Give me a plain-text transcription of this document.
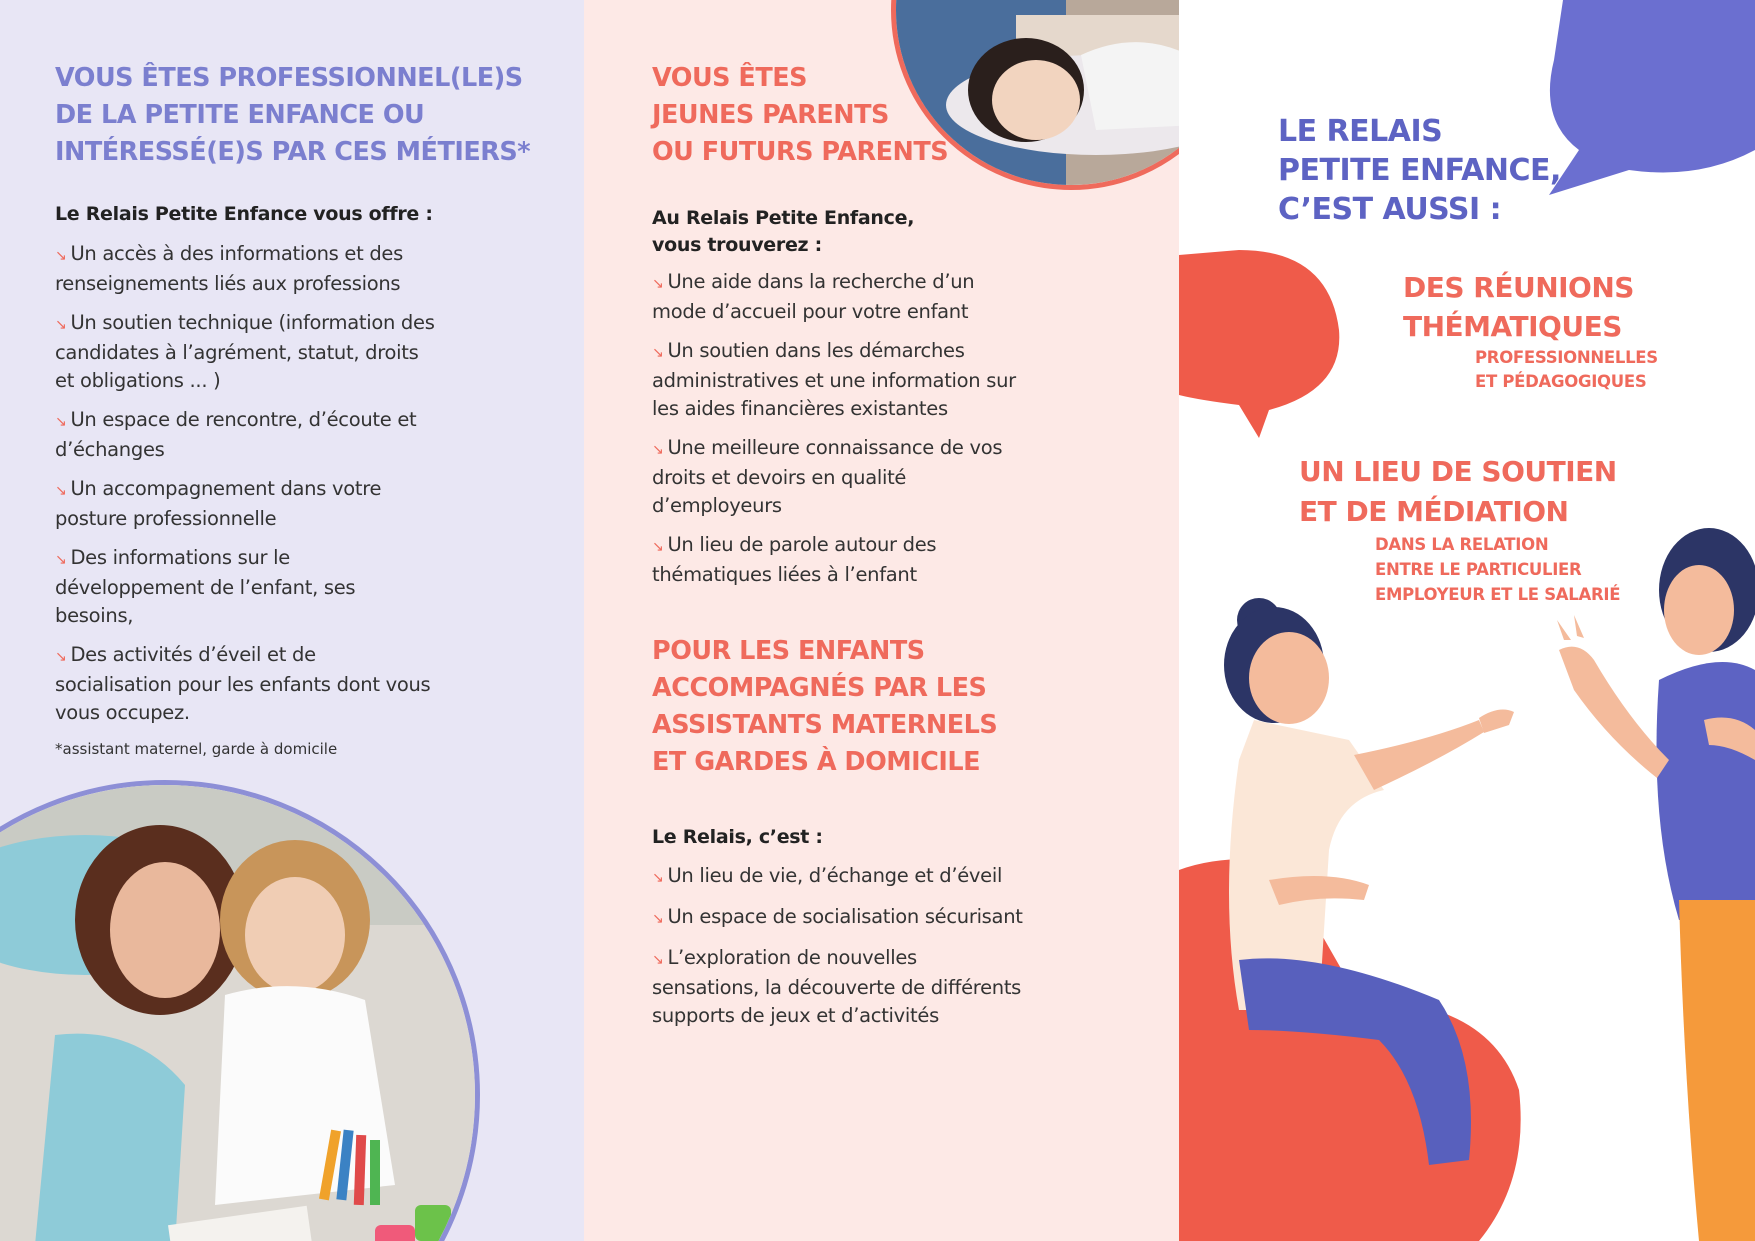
VOUS ÊTES PROFESSIONNEL(LE)S
DE LA PETITE ENFANCE OU
INTÉRESSÉ(E)S PAR CES MÉTIERS*
Le Relais Petite Enfance vous offre :
↘ Un accès à des informations et des renseignements liés aux professions
↘ Un soutien technique (information des candidates à l’agrément, statut, droits et obligations ... )
↘ Un espace de rencontre, d’écoute et d’échanges
↘ Un accompagnement dans votre posture professionnelle
↘ Des informations sur le développement de l’enfant, ses besoins,
↘ Des activités d’éveil et de socialisation pour les enfants dont vous vous occupez.
*assistant maternel, garde à domicile
VOUS ÊTES
JEUNES PARENTS
OU FUTURS PARENTS
Au Relais Petite Enfance,
vous trouverez :
↘ Une aide dans la recherche d’un mode d’accueil pour votre enfant
↘ Un soutien dans les démarches administratives et une information sur les aides financières existantes
↘ Une meilleure connaissance de vos droits et devoirs en qualité d’employeurs
↘ Un lieu de parole autour des thématiques liées à l’enfant
POUR LES ENFANTS
ACCOMPAGNÉS PAR LES
ASSISTANTS MATERNELS
ET GARDES À DOMICILE
Le Relais, c’est :
↘ Un lieu de vie, d’échange et d’éveil
↘ Un espace de socialisation sécurisant
↘ L’exploration de nouvelles sensations, la découverte de différents supports de jeux et d’activités
LE RELAIS
PETITE ENFANCE,
C’EST AUSSI :
DES RÉUNIONS
THÉMATIQUES
PROFESSIONNELLES
ET PÉDAGOGIQUES
UN LIEU DE SOUTIEN
ET DE MÉDIATION
DANS LA RELATION
ENTRE LE PARTICULIER
EMPLOYEUR ET LE SALARIÉ
